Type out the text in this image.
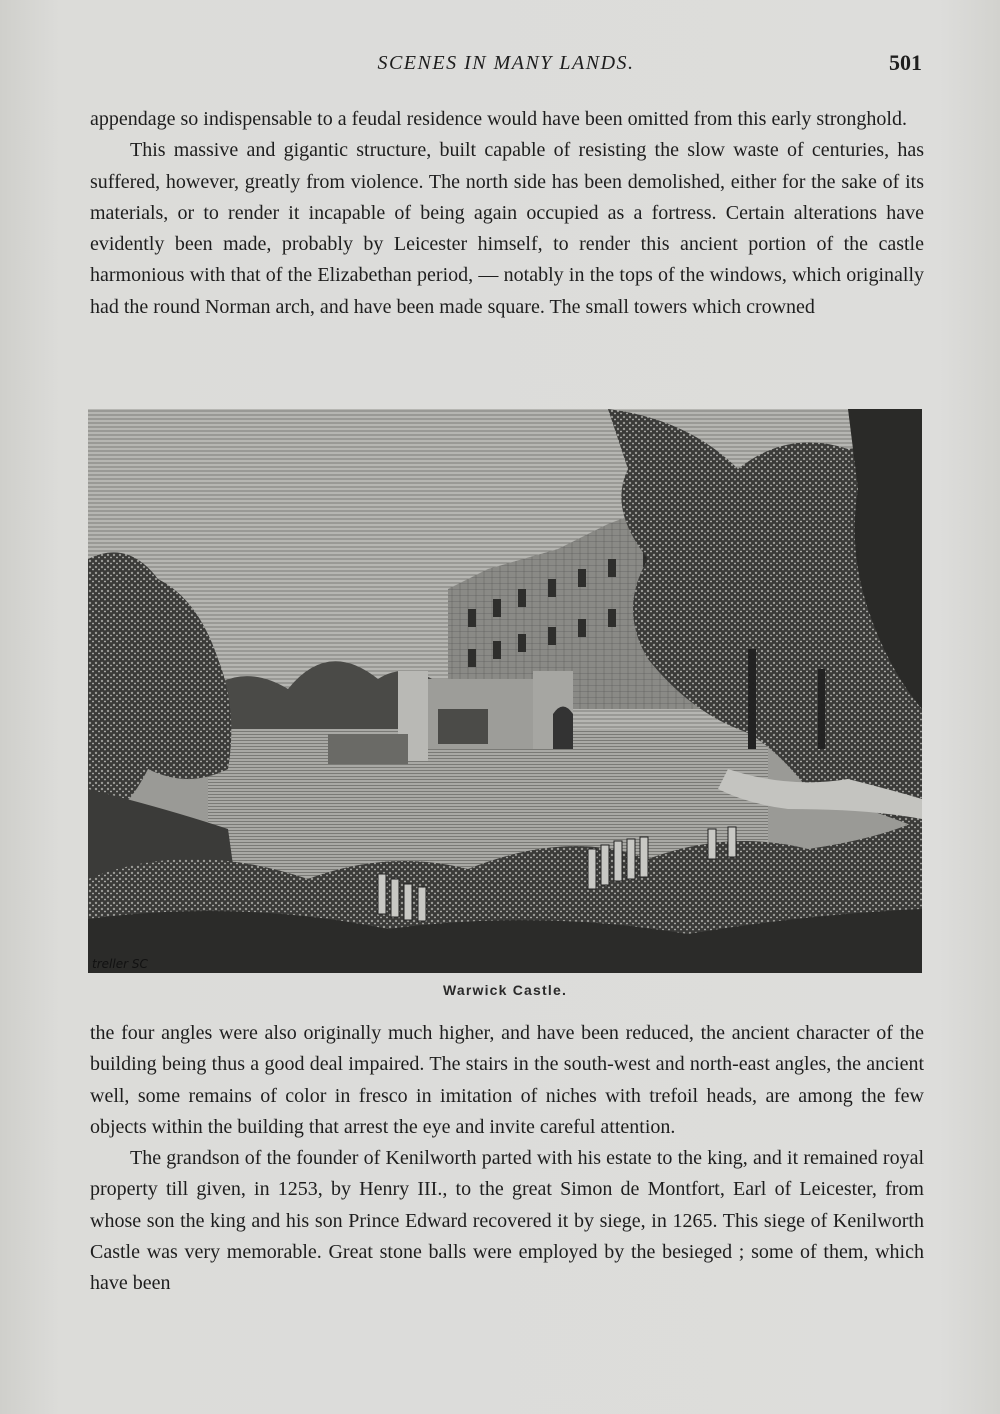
SCENES IN MANY LANDS.	501

appendage so indispensable to a feudal residence would have been omitted from this early stronghold.

This massive and gigantic structure, built capable of resisting the slow waste of centuries, has suffered, however, greatly from violence. The north side has been demolished, either for the sake of its materials, or to render it incapable of being again occupied as a fortress. Certain alterations have evidently been made, probably by Leicester himself, to render this ancient portion of the castle harmonious with that of the Elizabethan period, — notably in the tops of the windows, which originally had the round Norman arch, and have been made square. The small towers which crowned

treller SC
Warwick Castle.

the four angles were also originally much higher, and have been reduced, the ancient character of the building being thus a good deal impaired. The stairs in the south-west and north-east angles, the ancient well, some remains of color in fresco in imitation of niches with trefoil heads, are among the few objects within the building that arrest the eye and invite careful attention.

The grandson of the founder of Kenilworth parted with his estate to the king, and it remained royal property till given, in 1253, by Henry III., to the great Simon de Montfort, Earl of Leicester, from whose son the king and his son Prince Edward recovered it by siege, in 1265. This siege of Kenilworth Castle was very memorable. Great stone balls were employed by the besieged ; some of them, which have been
